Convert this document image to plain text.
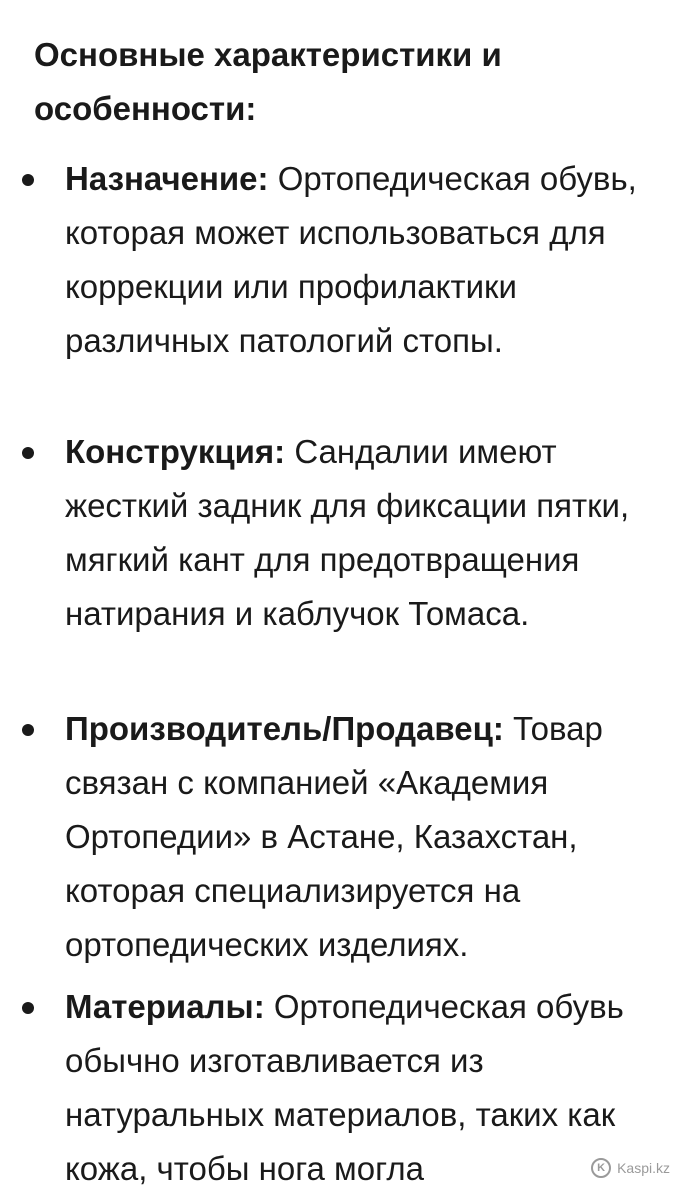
Основные характеристики и особенности:

Назначение: Ортопедическая обувь, которая может использоваться для коррекции или профилактики различных патологий стопы.

Конструкция: Сандалии имеют жесткий задник для фиксации пятки, мягкий кант для предотвращения натирания и каблучок Томаса.

Производитель/Продавец: Товар связан с компанией «Академия Ортопедии» в Астане, Казахстан, которая специализируется на ортопедических изделиях.

Материалы: Ортопедическая обувь обычно изготавливается из натуральных материалов, таких как кожа, чтобы нога могла	K Kaspi.kz
